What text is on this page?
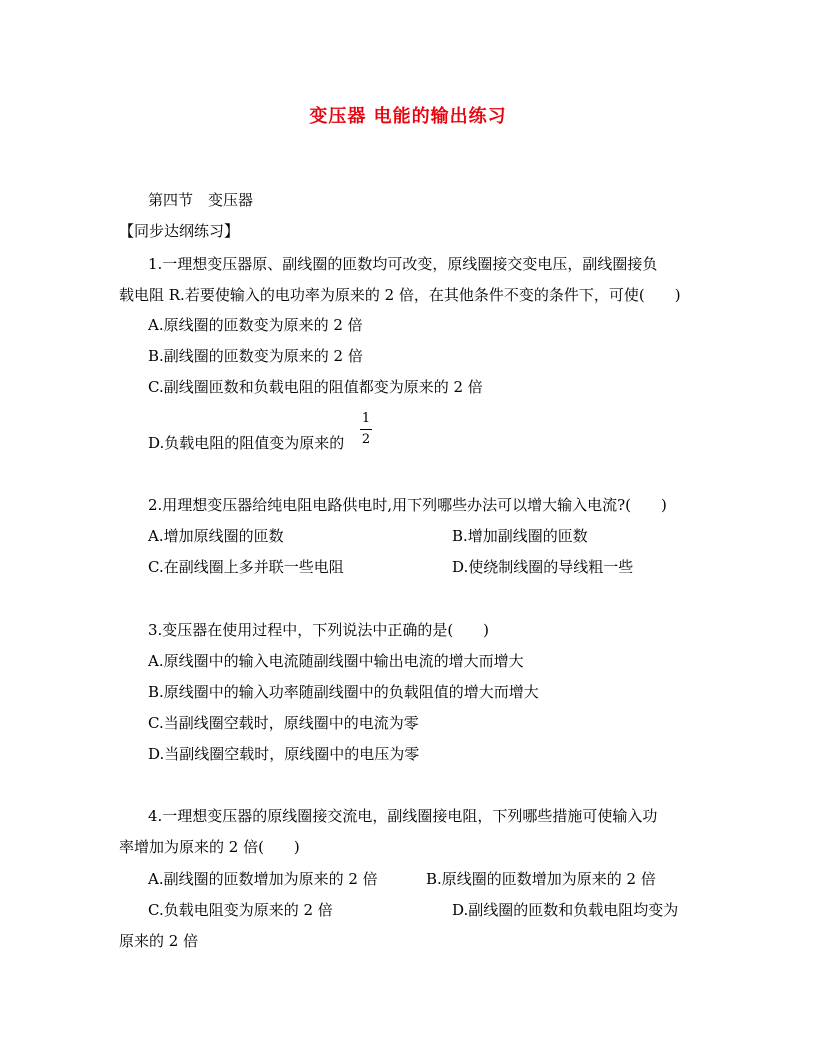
变压器 电能的输出练习
第四节　变压器
【同步达纲练习】
1.一理想变压器原、副线圈的匝数均可改变，原线圈接交变电压，副线圈接负
载电阻 R.若要使输入的电功率为原来的 2 倍，在其他条件不变的条件下，可使(　　)
A.原线圈的匝数变为原来的 2 倍
B.副线圈的匝数变为原来的 2 倍
C.副线圈匝数和负载电阻的阻值都变为原来的 2 倍
D.负载电阻的阻值变为原来的
1
2
2.用理想变压器给纯电阻电路供电时,用下列哪些办法可以增大输入电流?(　　)
A.增加原线圈的匝数	B.增加副线圈的匝数
C.在副线圈上多并联一些电阻	D.使绕制线圈的导线粗一些
3.变压器在使用过程中，下列说法中正确的是(　　)
A.原线圈中的输入电流随副线圈中输出电流的增大而增大
B.原线圈中的输入功率随副线圈中的负载阻值的增大而增大
C.当副线圈空载时，原线圈中的电流为零
D.当副线圈空载时，原线圈中的电压为零
4.一理想变压器的原线圈接交流电，副线圈接电阻，下列哪些措施可使输入功
率增加为原来的 2 倍(　　)
A.副线圈的匝数增加为原来的 2 倍	B.原线圈的匝数增加为原来的 2 倍
C.负载电阻变为原来的 2 倍	D.副线圈的匝数和负载电阻均变为
原来的 2 倍
